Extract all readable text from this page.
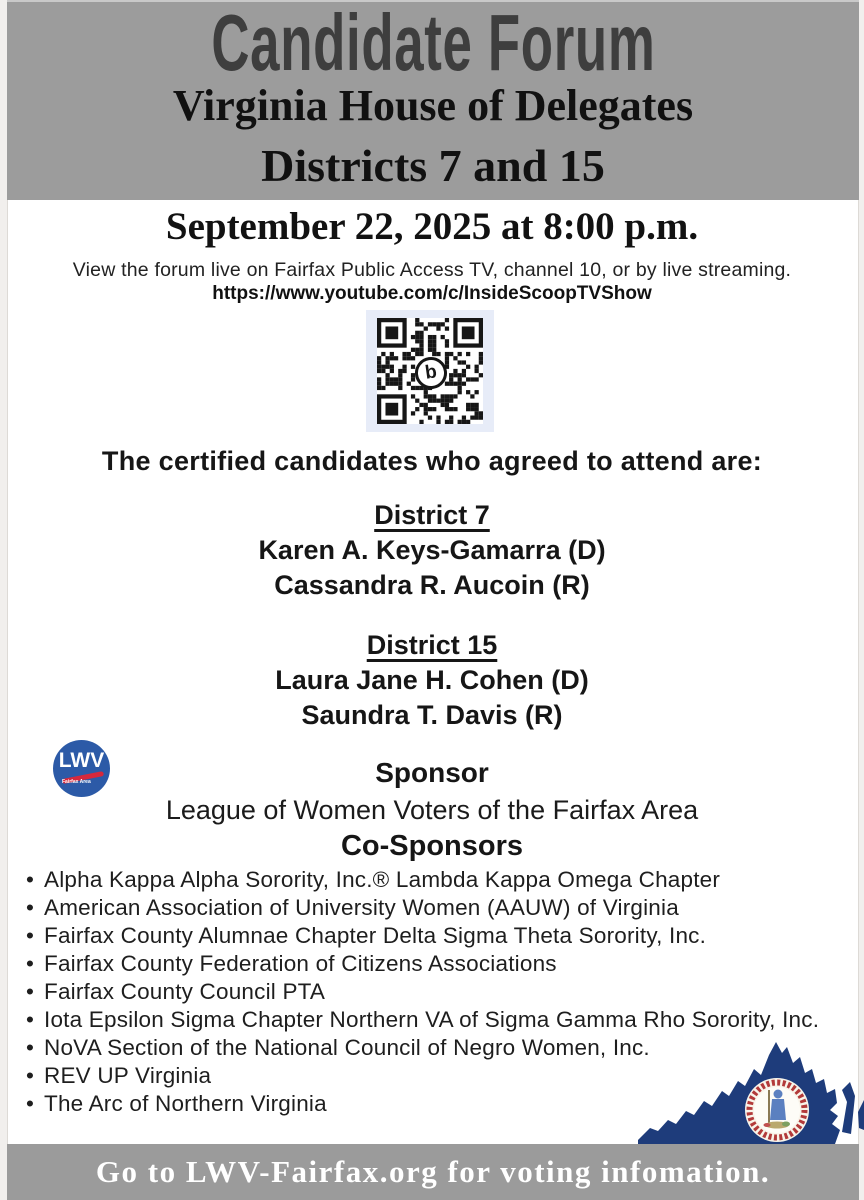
Candidate Forum
Virginia House of Delegates
Districts 7 and 15
September 22, 2025 at 8:00 p.m.
View the forum live on Fairfax Public Access TV, channel 10, or by live streaming.
https://www.youtube.com/c/InsideScoopTVShow
b
The certified candidates who agreed to attend are:
District 7
Karen A. Keys-Gamarra (D)
Cassandra R. Aucoin (R)
District 15
Laura Jane H. Cohen (D)
Saundra T. Davis (R)
LWV
Fairfax Area	Sponsor
League of Women Voters of the Fairfax Area
Co-Sponsors
• Alpha Kappa Alpha Sorority, Inc.® Lambda Kappa Omega Chapter
• American Association of University Women (AAUW) of Virginia
• Fairfax County Alumnae Chapter Delta Sigma Theta Sorority, Inc.
• Fairfax County Federation of Citizens Associations
• Fairfax County Council PTA
• Iota Epsilon Sigma Chapter Northern VA of Sigma Gamma Rho Sorority, Inc.
• NoVA Section of the National Council of Negro Women, Inc.
• REV UP Virginia
• The Arc of Northern Virginia
Go to LWV-Fairfax.org for voting infomation.
